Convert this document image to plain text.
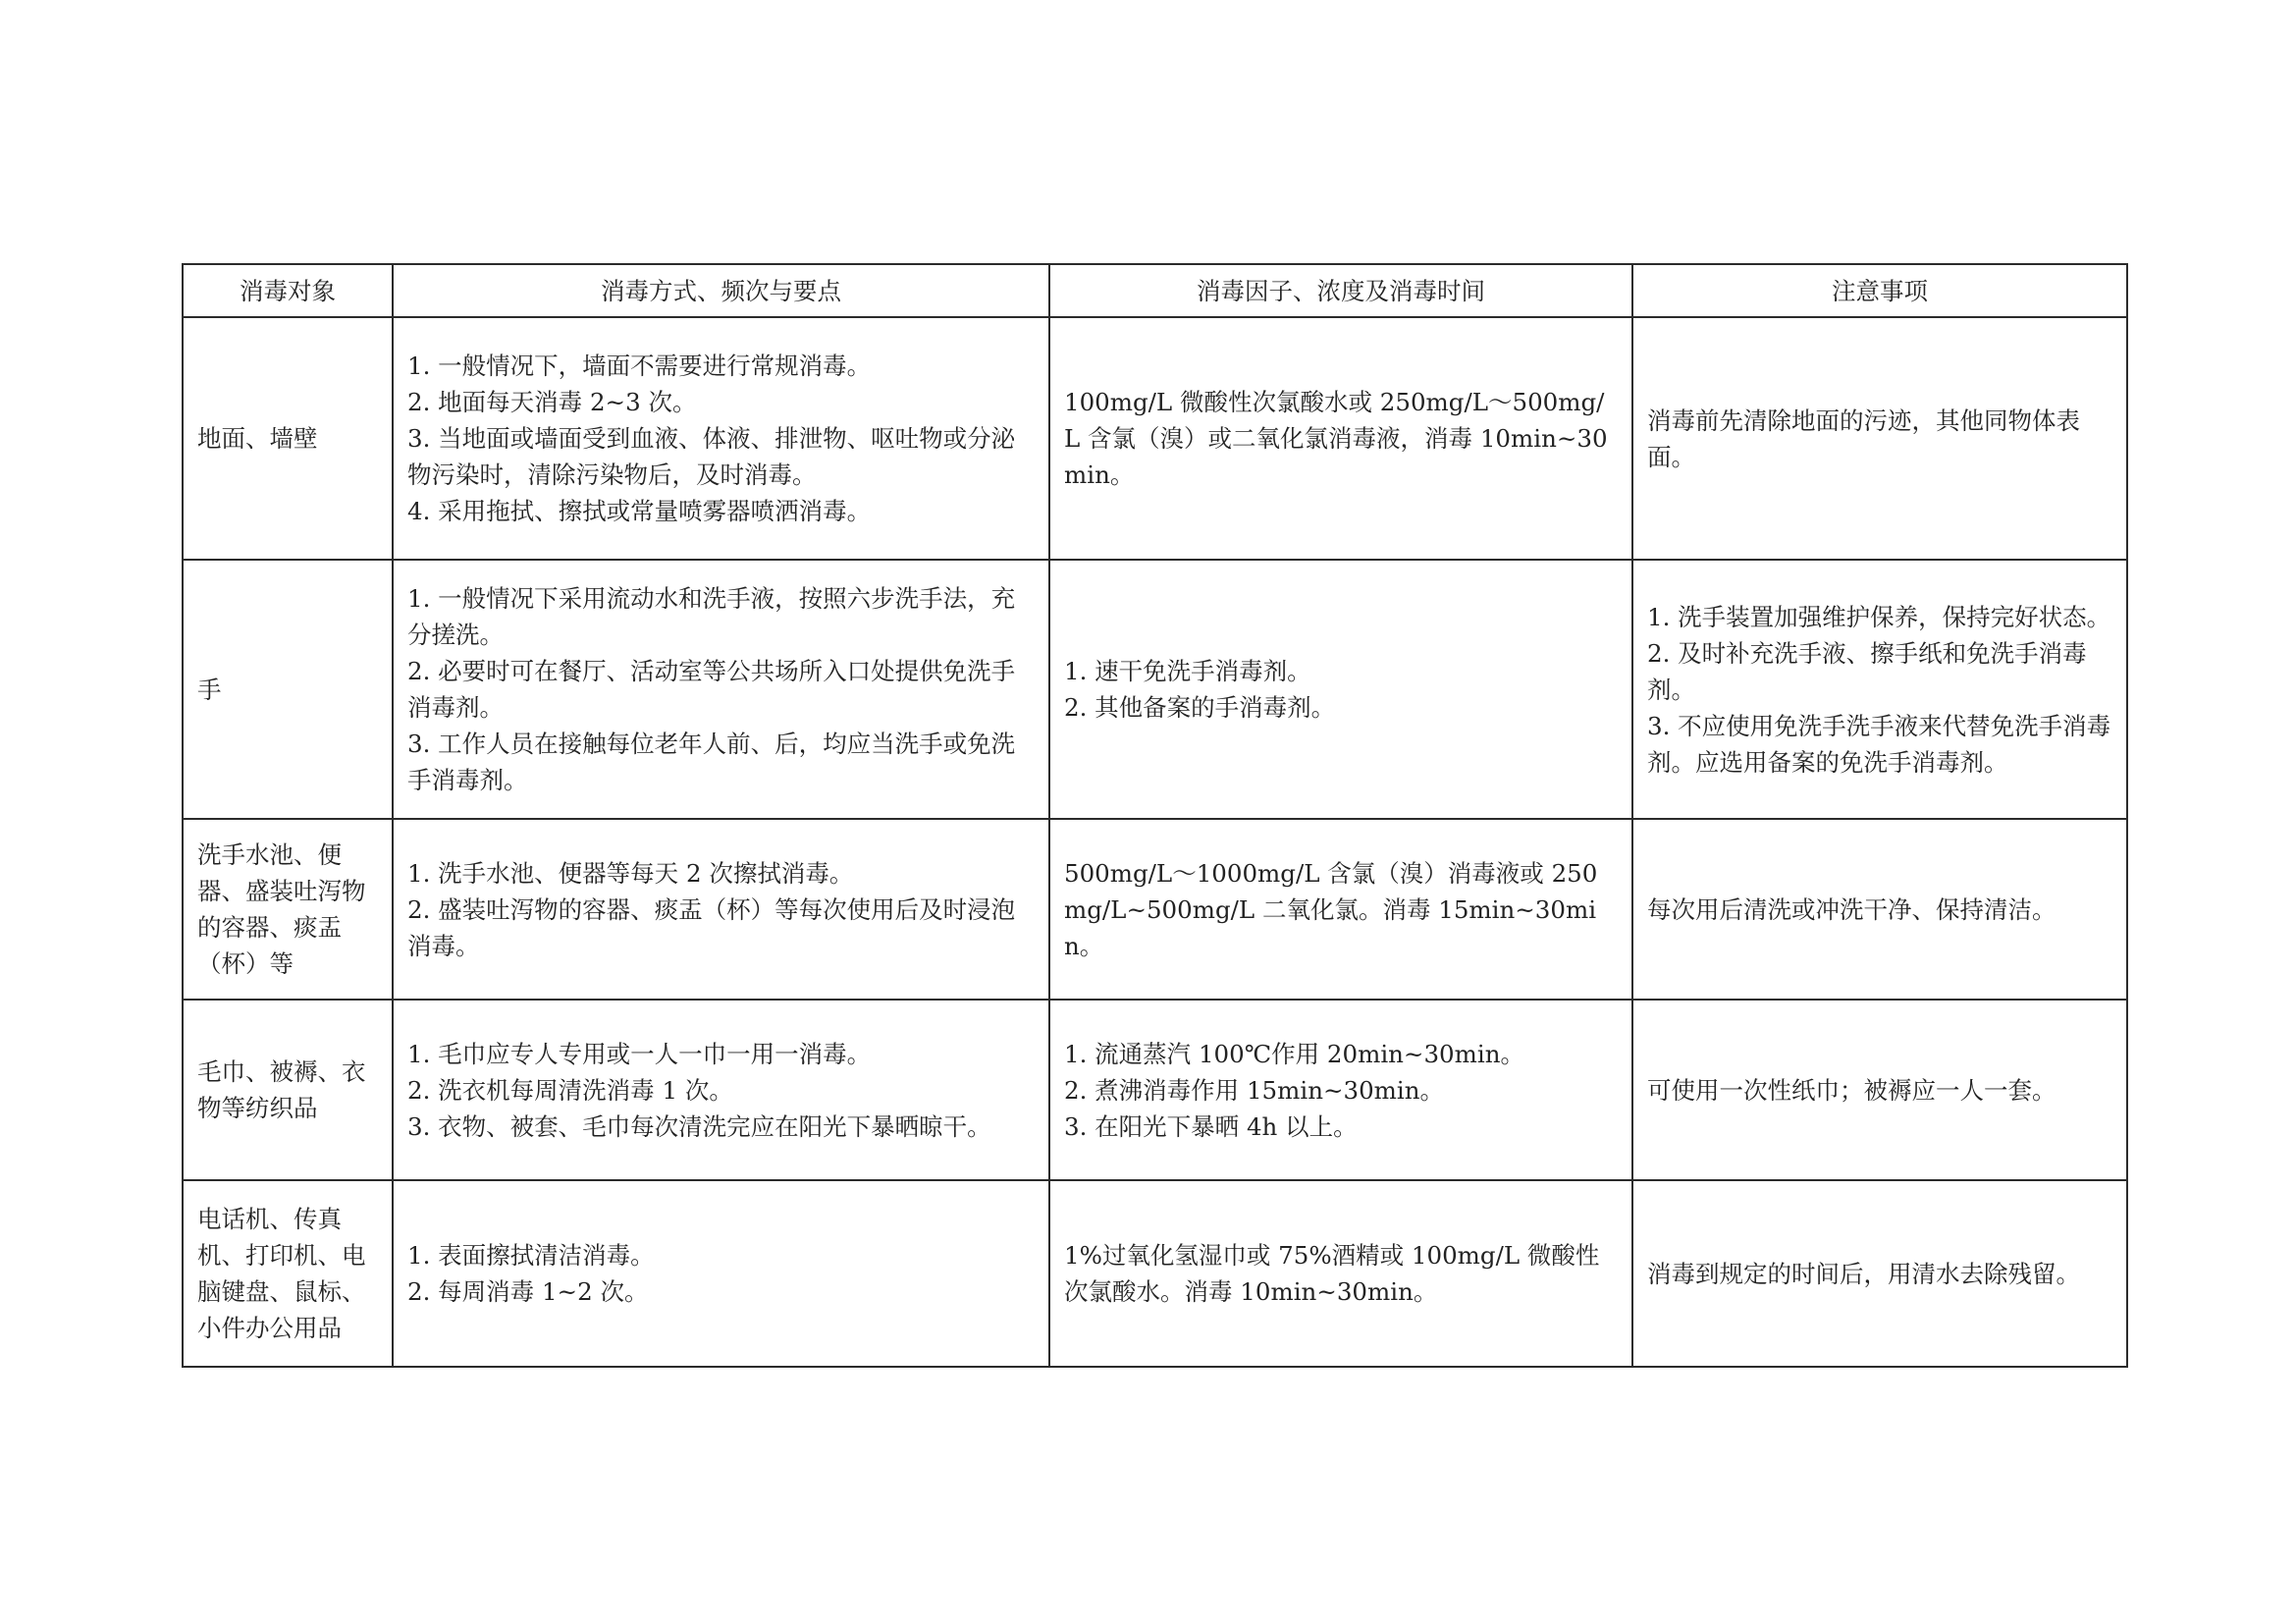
消毒对象	消毒方式、频次与要点	消毒因子、浓度及消毒时间	注意事项
地面、墙壁	1. 一般情况下，墙面不需要进行常规消毒。
2. 地面每天消毒 2~3 次。
3. 当地面或墙面受到血液、体液、排泄物、呕吐物或分泌物污染时，清除污染物后，及时消毒。
4. 采用拖拭、擦拭或常量喷雾器喷洒消毒。	100mg/L 微酸性次氯酸水或 250mg/L～500mg/L 含氯（溴）或二氧化氯消毒液，消毒 10min~30min。	消毒前先清除地面的污迹，其他同物体表面。

手	1. 一般情况下采用流动水和洗手液，按照六步洗手法，充分搓洗。
2. 必要时可在餐厅、活动室等公共场所入口处提供免洗手消毒剂。
3. 工作人员在接触每位老年人前、后，均应当洗手或免洗手消毒剂。	1. 速干免洗手消毒剂。
2. 其他备案的手消毒剂。	1. 洗手装置加强维护保养，保持完好状态。
2. 及时补充洗手液、擦手纸和免洗手消毒剂。
3. 不应使用免洗手洗手液来代替免洗手消毒剂。应选用备案的免洗手消毒剂。

洗手水池、便器、盛装吐泻物的容器、痰盂（杯）等	1. 洗手水池、便器等每天 2 次擦拭消毒。
2. 盛装吐泻物的容器、痰盂（杯）等每次使用后及时浸泡消毒。	500mg/L～1000mg/L 含氯（溴）消毒液或 250mg/L~500mg/L 二氧化氯。消毒 15min~30min。	每次用后清洗或冲洗干净、保持清洁。

毛巾、被褥、衣物等纺织品	1. 毛巾应专人专用或一人一巾一用一消毒。
2. 洗衣机每周清洗消毒 1 次。
3. 衣物、被套、毛巾每次清洗完应在阳光下暴晒晾干。	1. 流通蒸汽 100℃作用 20min~30min。
2. 煮沸消毒作用 15min~30min。
3. 在阳光下暴晒 4h 以上。	可使用一次性纸巾；被褥应一人一套。

电话机、传真机、打印机、电脑键盘、鼠标、小件办公用品	1. 表面擦拭清洁消毒。
2. 每周消毒 1~2 次。	1%过氧化氢湿巾或 75%酒精或 100mg/L 微酸性次氯酸水。消毒 10min~30min。	消毒到规定的时间后，用清水去除残留。
